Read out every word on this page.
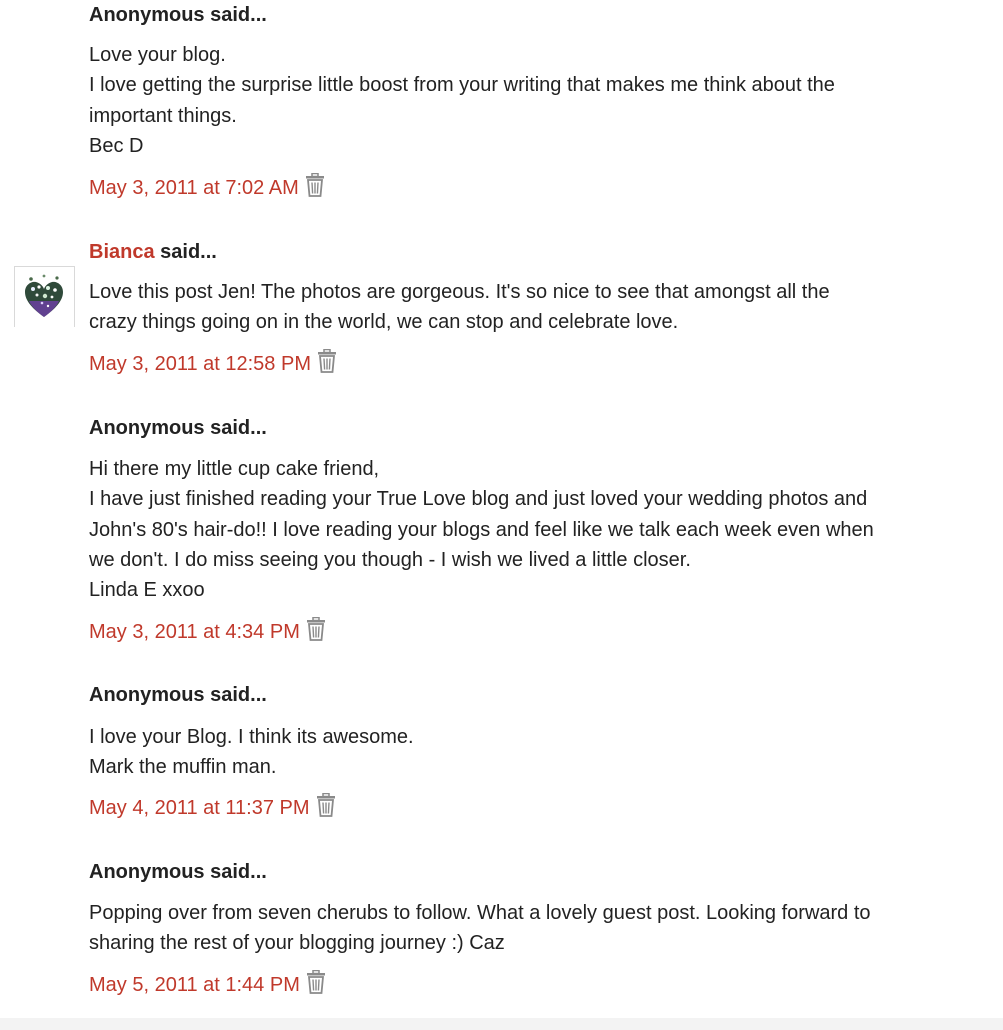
Anonymous said...

Love your blog.

I love getting the surprise little boost from your writing that makes me think about the

important things.

Bec D

May 3, 2011 at 7:02 AM
Bianca said...

Love this post Jen! The photos are gorgeous. It's so nice to see that amongst all the

crazy things going on in the world, we can stop and celebrate love.

May 3, 2011 at 12:58 PM
Anonymous said...

Hi there my little cup cake friend,

I have just finished reading your True Love blog and just loved your wedding photos and

John's 80's hair-do!! I love reading your blogs and feel like we talk each week even when

we don't. I do miss seeing you though - I wish we lived a little closer.

Linda E xxoo

May 3, 2011 at 4:34 PM
Anonymous said...

I love your Blog. I think its awesome.

Mark the muffin man.

May 4, 2011 at 11:37 PM
Anonymous said...

Popping over from seven cherubs to follow. What a lovely guest post. Looking forward to

sharing the rest of your blogging journey :) Caz

May 5, 2011 at 1:44 PM
